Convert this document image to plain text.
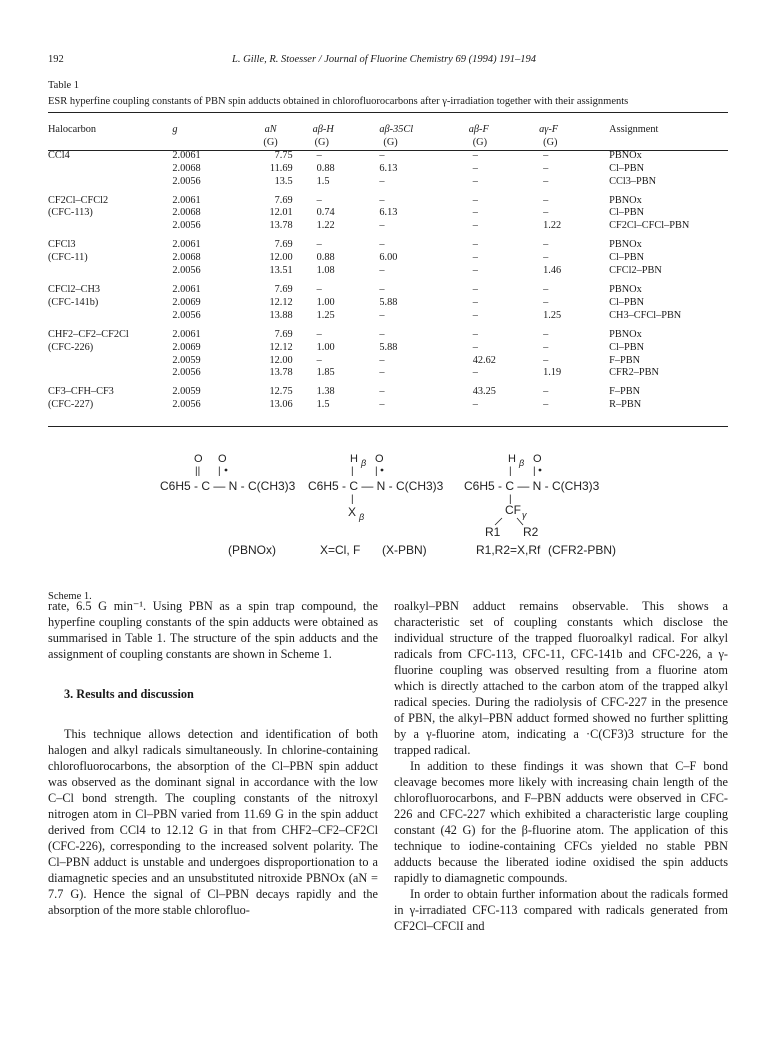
192	L. Gille, R. Stoesser / Journal of Fluorine Chemistry 69 (1994) 191–194
Table 1
ESR hyperfine coupling constants of PBN spin adducts obtained in chlorofluorocarbons after γ-irradiation together with their assignments
Halocarbon	g	aN	aβ-H	aβ-35Cl	aβ-F	aγ-F	Assignment
		(G)	(G)	(G)	(G)	(G)	
CCl4	2.0061	7.75	–	–	–	–	PBNOx
	2.0068	11.69	0.88	6.13	–	–	Cl–PBN
	2.0056	13.5	1.5	–	–	–	CCl3–PBN
CF2Cl–CFCl2	2.0061	7.69	–	–	–	–	PBNOx
(CFC-113)	2.0068	12.01	0.74	6.13	–	–	Cl–PBN
	2.0056	13.78	1.22	–	–	1.22	CF2Cl–CFCl–PBN
CFCl3	2.0061	7.69	–	–	–	–	PBNOx
(CFC-11)	2.0068	12.00	0.88	6.00	–	–	Cl–PBN
	2.0056	13.51	1.08	–	–	1.46	CFCl2–PBN
CFCl2–CH3	2.0061	7.69	–	–	–	–	PBNOx
(CFC-141b)	2.0069	12.12	1.00	5.88	–	–	Cl–PBN
	2.0056	13.88	1.25	–	–	1.25	CH3–CFCl–PBN
CHF2–CF2–CF2Cl	2.0061	7.69	–	–	–	–	PBNOx
(CFC-226)	2.0069	12.12	1.00	5.88	–	–	Cl–PBN
	2.0059	12.00	–	–	42.62	–	F–PBN
	2.0056	13.78	1.85	–	–	1.19	CFR2–PBN
CF3–CFH–CF3	2.0059	12.75	1.38	–	43.25	–	F–PBN
(CFC-227)	2.0056	13.06	1.5	–	–	–	R–PBN
O O
|| |
C6H5 - C — N - C(CH3)3
(PBNOx)
H β O
| |
C6H5 - C — N - C(CH3)3
|
X β
X=Cl, F (X-PBN)
H β O
| |
C6H5 - C — N - C(CH3)3
|
CF γ
R1 R2
R1,R2=X,Rf (CFR2-PBN)
Scheme 1.

rate, 6.5 G min⁻¹. Using PBN as a spin trap compound, the hyperfine coupling constants of the spin adducts were obtained as summarised in Table 1. The structure of the spin adducts and the assignment of coupling constants are shown in Scheme 1.

3. Results and discussion

This technique allows detection and identification of both halogen and alkyl radicals simultaneously. In chlorine-containing chlorofluorocarbons, the absorption of the Cl–PBN spin adduct was observed as the dominant signal in accordance with the low C–Cl bond strength. The coupling constants of the nitroxyl nitrogen atom in Cl–PBN varied from 11.69 G in the spin adduct derived from CCl4 to 12.12 G in that from CHF2–CF2–CF2Cl (CFC-226), corresponding to the increased solvent polarity. The Cl–PBN adduct is unstable and undergoes disproportionation to a diamagnetic species and an unsubstituted nitroxide PBNOx (aN = 7.7 G). Hence the signal of Cl–PBN decays rapidly and the absorption of the more stable chlorofluo-

roalkyl–PBN adduct remains observable. This shows a characteristic set of coupling constants which disclose the individual structure of the trapped fluoroalkyl radical. For alkyl radicals from CFC-113, CFC-11, CFC-141b and CFC-226, a γ-fluorine coupling was observed resulting from a fluorine atom which is directly attached to the carbon atom of the trapped alkyl radical species. During the radiolysis of CFC-227 in the presence of PBN, the alkyl–PBN adduct formed showed no further splitting by a γ-fluorine atom, indicating a ·C(CF3)3 structure for the trapped radical.

In addition to these findings it was shown that C–F bond cleavage becomes more likely with increasing chain length of the chlorofluorocarbons, and F–PBN adducts were observed in CFC-226 and CFC-227 which exhibited a characteristic large coupling constant (42 G) for the β-fluorine atom. The application of this technique to iodine-containing CFCs yielded no stable PBN adducts because the liberated iodine oxidised the spin adducts rapidly to diamagnetic compounds.

In order to obtain further information about the radicals formed in γ-irradiated CFC-113 compared with radicals generated from CF2Cl–CFClI and
